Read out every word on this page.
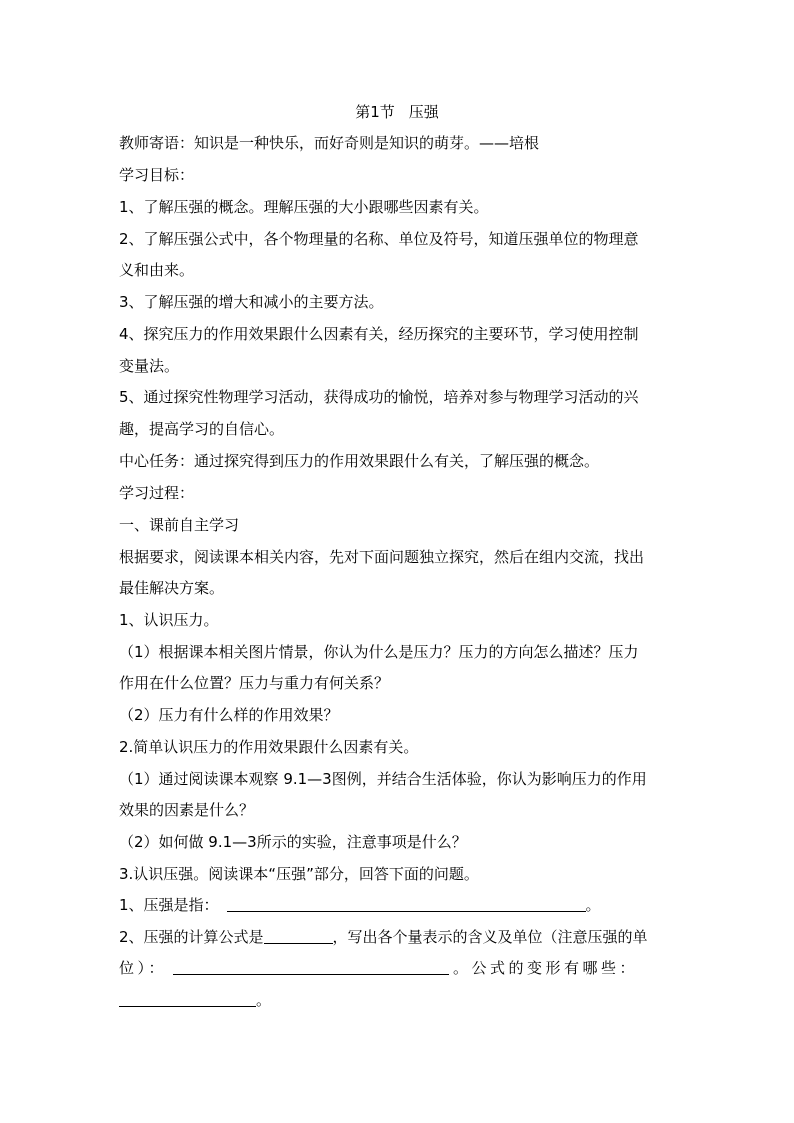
第1节 压强
教师寄语：知识是一种快乐，而好奇则是知识的萌芽。——培根
学习目标：
1、了解压强的概念。理解压强的大小跟哪些因素有关。
2、了解压强公式中，各个物理量的名称、单位及符号，知道压强单位的物理意
义和由来。
3、了解压强的增大和减小的主要方法。
4、探究压力的作用效果跟什么因素有关，经历探究的主要环节，学习使用控制
变量法。
5、通过探究性物理学习活动，获得成功的愉悦，培养对参与物理学习活动的兴
趣，提高学习的自信心。
中心任务：通过探究得到压力的作用效果跟什么有关，了解压强的概念。
学习过程：
一、课前自主学习
根据要求，阅读课本相关内容，先对下面问题独立探究，然后在组内交流，找出
最佳解决方案。
1、认识压力。
（1）根据课本相关图片情景，你认为什么是压力？压力的方向怎么描述？压力
作用在什么位置？压力与重力有何关系？
（2）压力有什么样的作用效果？
2.简单认识压力的作用效果跟什么因素有关。
（1）通过阅读课本观察 9.1—3图例，并结合生活体验，你认为影响压力的作用
效果的因素是什么？
（2）如何做 9.1—3所示的实验，注意事项是什么？
3.认识压强。阅读课本“压强”部分，回答下面的问题。
1、压强是指：	。
2、压强的计算公式是	，写出各个量表示的含义及单位（注意压强的单
位）：	。公式的变形有哪些：
。
